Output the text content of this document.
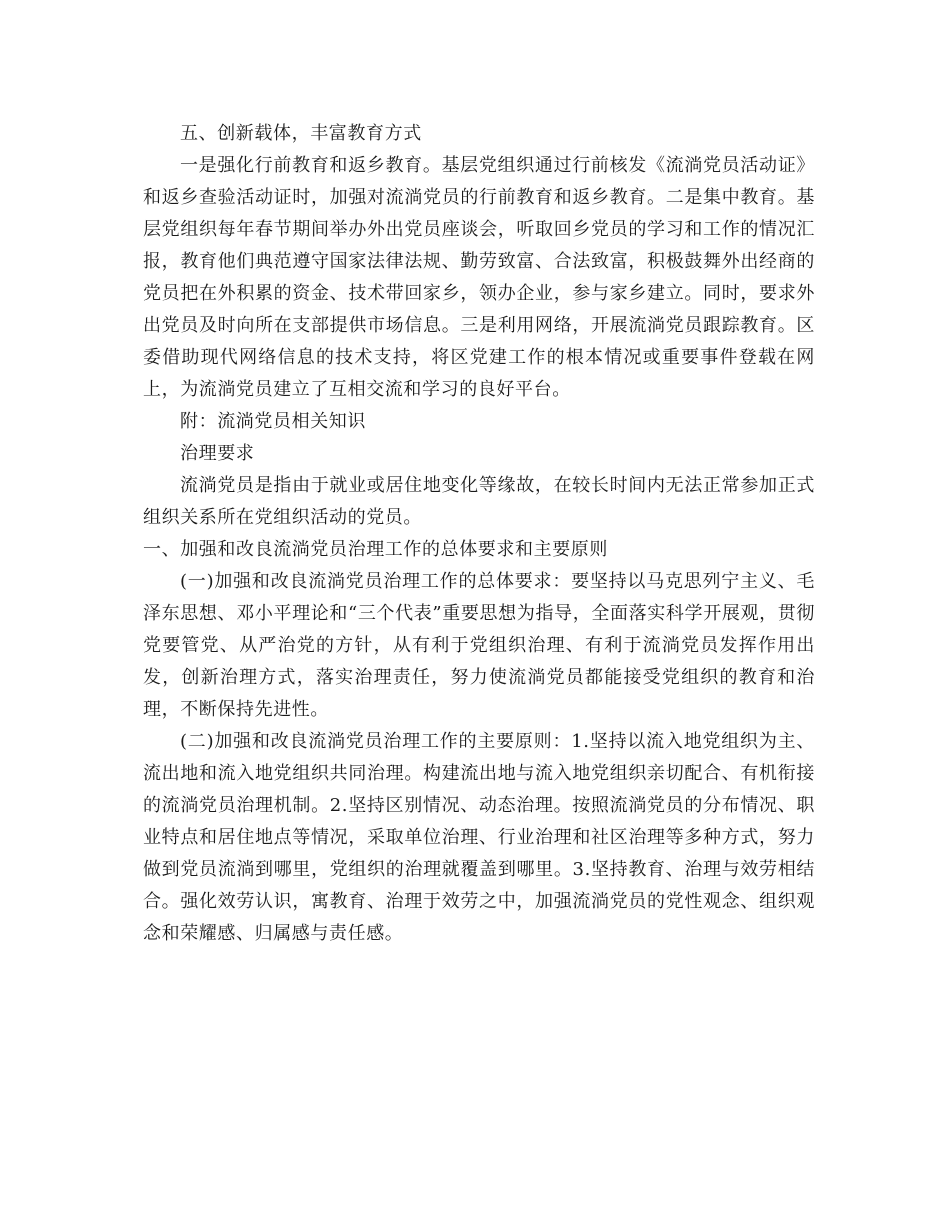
五、创新载体，丰富教育方式

一是强化行前教育和返乡教育。基层党组织通过行前核发《流淌党员活动证》和返乡查验活动证时，加强对流淌党员的行前教育和返乡教育。二是集中教育。基层党组织每年春节期间举办外出党员座谈会，听取回乡党员的学习和工作的情况汇报，教育他们典范遵守国家法律法规、勤劳致富、合法致富，积极鼓舞外出经商的党员把在外积累的资金、技术带回家乡，领办企业，参与家乡建立。同时，要求外出党员及时向所在支部提供市场信息。三是利用网络，开展流淌党员跟踪教育。区委借助现代网络信息的技术支持，将区党建工作的根本情况或重要事件登载在网上，为流淌党员建立了互相交流和学习的良好平台。

附：流淌党员相关知识

治理要求

流淌党员是指由于就业或居住地变化等缘故，在较长时间内无法正常参加正式组织关系所在党组织活动的党员。

一、加强和改良流淌党员治理工作的总体要求和主要原则

(一)加强和改良流淌党员治理工作的总体要求：要坚持以马克思列宁主义、毛泽东思想、邓小平理论和“三个代表”重要思想为指导，全面落实科学开展观，贯彻党要管党、从严治党的方针，从有利于党组织治理、有利于流淌党员发挥作用出发，创新治理方式，落实治理责任，努力使流淌党员都能接受党组织的教育和治理，不断保持先进性。

(二)加强和改良流淌党员治理工作的主要原则：1.坚持以流入地党组织为主、流出地和流入地党组织共同治理。构建流出地与流入地党组织亲切配合、有机衔接的流淌党员治理机制。2.坚持区别情况、动态治理。按照流淌党员的分布情况、职业特点和居住地点等情况，采取单位治理、行业治理和社区治理等多种方式，努力做到党员流淌到哪里，党组织的治理就覆盖到哪里。3.坚持教育、治理与效劳相结合。强化效劳认识，寓教育、治理于效劳之中，加强流淌党员的党性观念、组织观念和荣耀感、归属感与责任感。
